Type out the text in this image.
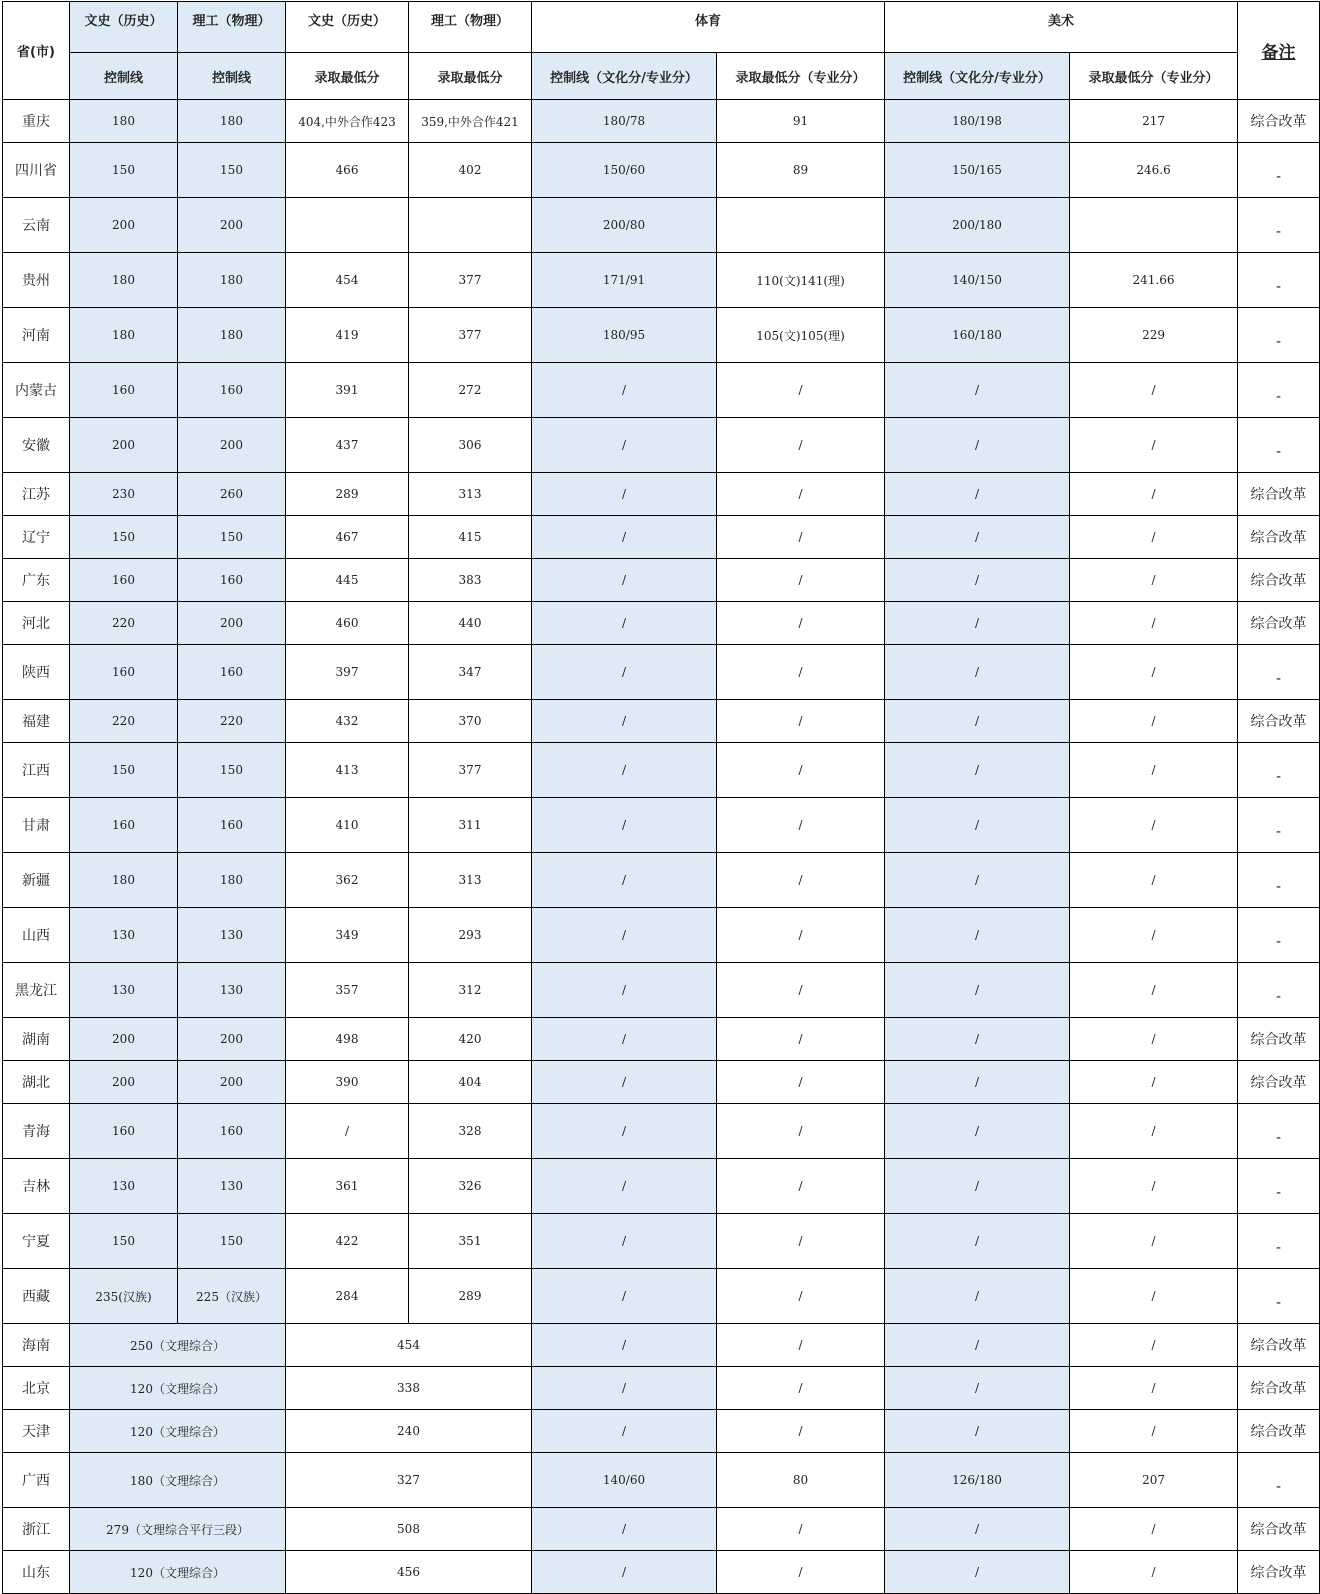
省(市)	文史（历史）	理工（物理）	文史（历史）	理工（物理）	体育		美术		备注
	控制线	控制线	录取最低分	录取最低分	控制线（文化分/专业分）	录取最低分（专业分）	控制线（文化分/专业分）	录取最低分（专业分）	
重庆	180	180	404,中外合作423	359,中外合作421	180/78	91	180/198	217	综合改革
四川省	150	150	466	402	150/60	89	150/165	246.6	-
云南	200	200			200/80		200/180		-
贵州	180	180	454	377	171/91	110(文)141(理)	140/150	241.66	-
河南	180	180	419	377	180/95	105(文)105(理)	160/180	229	-
内蒙古	160	160	391	272	/	/	/	/	-
安徽	200	200	437	306	/	/	/	/	-
江苏	230	260	289	313	/	/	/	/	综合改革
辽宁	150	150	467	415	/	/	/	/	综合改革
广东	160	160	445	383	/	/	/	/	综合改革
河北	220	200	460	440	/	/	/	/	综合改革
陕西	160	160	397	347	/	/	/	/	-
福建	220	220	432	370	/	/	/	/	综合改革
江西	150	150	413	377	/	/	/	/	-
甘肃	160	160	410	311	/	/	/	/	-
新疆	180	180	362	313	/	/	/	/	-
山西	130	130	349	293	/	/	/	/	-
黑龙江	130	130	357	312	/	/	/	/	-
湖南	200	200	498	420	/	/	/	/	综合改革
湖北	200	200	390	404	/	/	/	/	综合改革
青海	160	160	/	328	/	/	/	/	-
吉林	130	130	361	326	/	/	/	/	-
宁夏	150	150	422	351	/	/	/	/	-
西藏	235(汉族)	225（汉族）	284	289	/	/	/	/	-
海南	250（文理综合）		454		/	/	/	/	综合改革
北京	120（文理综合）		338		/	/	/	/	综合改革
天津	120（文理综合）		240		/	/	/	/	综合改革
广西	180（文理综合）		327		140/60	80	126/180	207	-
浙江	279（文理综合平行三段）		508		/	/	/	/	综合改革
山东	120（文理综合）		456		/	/	/	/	综合改革
